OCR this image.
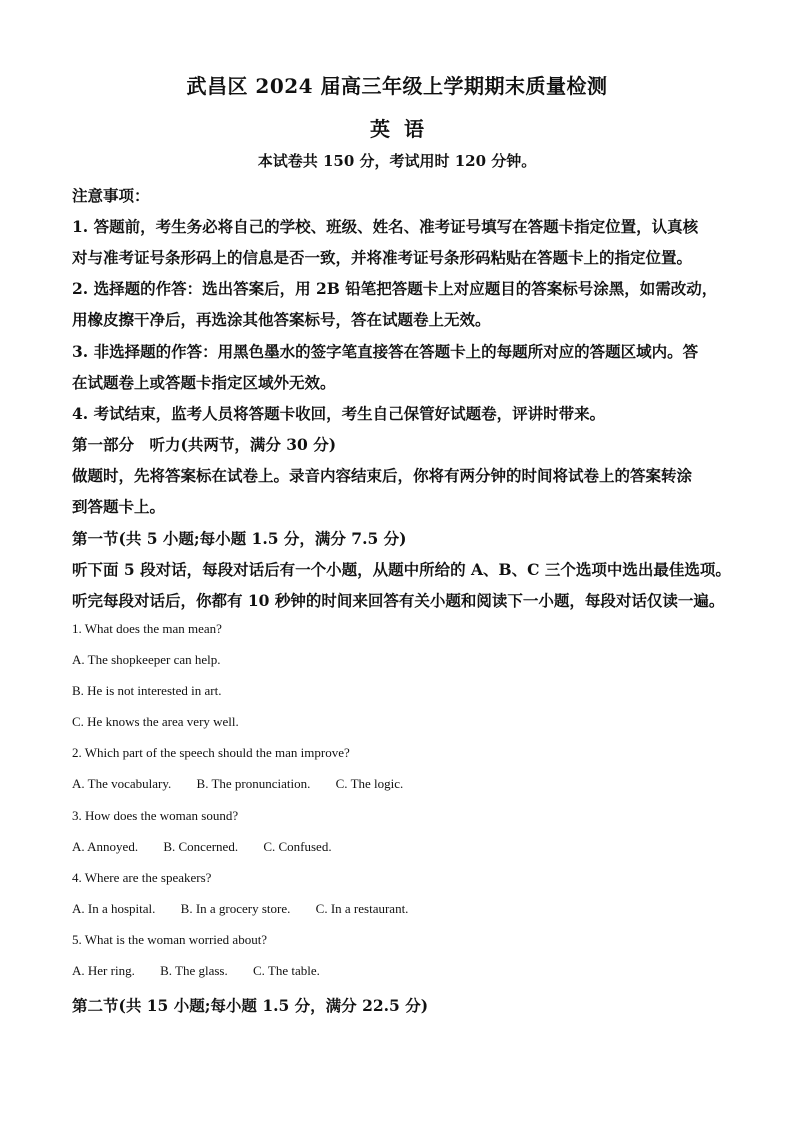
武昌区 2024 届高三年级上学期期末质量检测
英语
本试卷共 150 分，考试用时 120 分钟。
注意事项：
1. 答题前，考生务必将自己的学校、班级、姓名、准考证号填写在答题卡指定位置，认真核
对与准考证号条形码上的信息是否一致，并将准考证号条形码粘贴在答题卡上的指定位置。
2. 选择题的作答：选出答案后，用 2B 铅笔把答题卡上对应题目的答案标号涂黑，如需改动，
用橡皮擦干净后，再选涂其他答案标号，答在试题卷上无效。
3. 非选择题的作答：用黑色墨水的签字笔直接答在答题卡上的每题所对应的答题区域内。答
在试题卷上或答题卡指定区域外无效。
4. 考试结束，监考人员将答题卡收回，考生自己保管好试题卷，评讲时带来。
第一部分　听力(共两节，满分 30 分)
做题时，先将答案标在试卷上。录音内容结束后，你将有两分钟的时间将试卷上的答案转涂
到答题卡上。
第一节(共 5 小题;每小题 1.5 分，满分 7.5 分)
听下面 5 段对话，每段对话后有一个小题，从题中所给的 A、B、C 三个选项中选出最佳选项。
听完每段对话后，你都有 10 秒钟的时间来回答有关小题和阅读下一小题，每段对话仅读一遍。
1. What does the man mean?
A. The shopkeeper can help.
B. He is not interested in art.
C. He knows the area very well.
2. Which part of the speech should the man improve?
A. The vocabulary. B. The pronunciation. C. The logic.
3. How does the woman sound?
A. Annoyed. B. Concerned. C. Confused.
4. Where are the speakers?
A. In a hospital. B. In a grocery store. C. In a restaurant.
5. What is the woman worried about?
A. Her ring. B. The glass. C. The table.
第二节(共 15 小题;每小题 1.5 分，满分 22.5 分)
